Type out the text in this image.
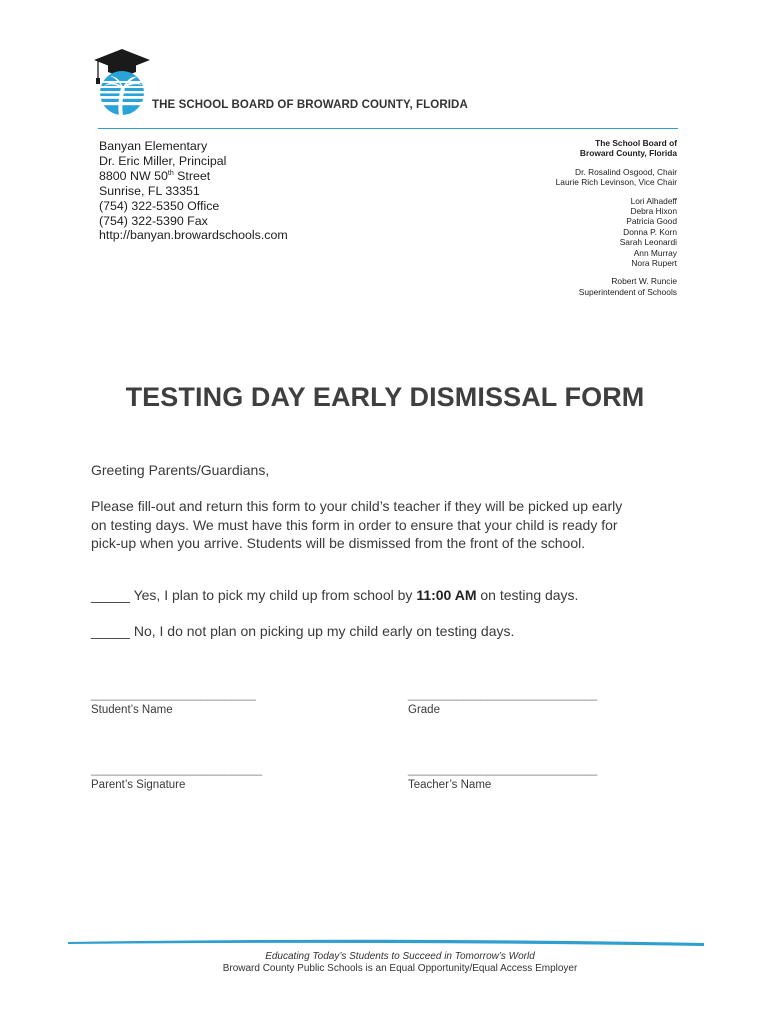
THE SCHOOL BOARD OF BROWARD COUNTY, FLORIDA
Banyan Elementary
Dr. Eric Miller, Principal
8800 NW 50th Street
Sunrise, FL 33351
(754) 322-5350 Office
(754) 322-5390 Fax
http://banyan.browardschools.com
The School Board of
Broward County, Florida
Dr. Rosalind Osgood, Chair
Laurie Rich Levinson, Vice Chair
Lori Alhadeff
Debra Hixon
Patricia Good
Donna P. Korn
Sarah Leonardi
Ann Murray
Nora Rupert
Robert W. Runcie
Superintendent of Schools
TESTING DAY EARLY DISMISSAL FORM
Greeting Parents/Guardians,
Please fill-out and return this form to your child’s teacher if they will be picked up early
on testing days. We must have this form in order to ensure that your child is ready for
pick-up when you arrive. Students will be dismissed from the front of the school.
_____ Yes, I plan to pick my child up from school by 11:00 AM on testing days.
_____ No, I do not plan on picking up my child early on testing days.
___________________________
Student’s Name
_______________________________
Grade
____________________________
Parent’s Signature
_______________________________
Teacher’s Name
Educating Today’s Students to Succeed in Tomorrow’s World
Broward County Public Schools is an Equal Opportunity/Equal Access Employer
